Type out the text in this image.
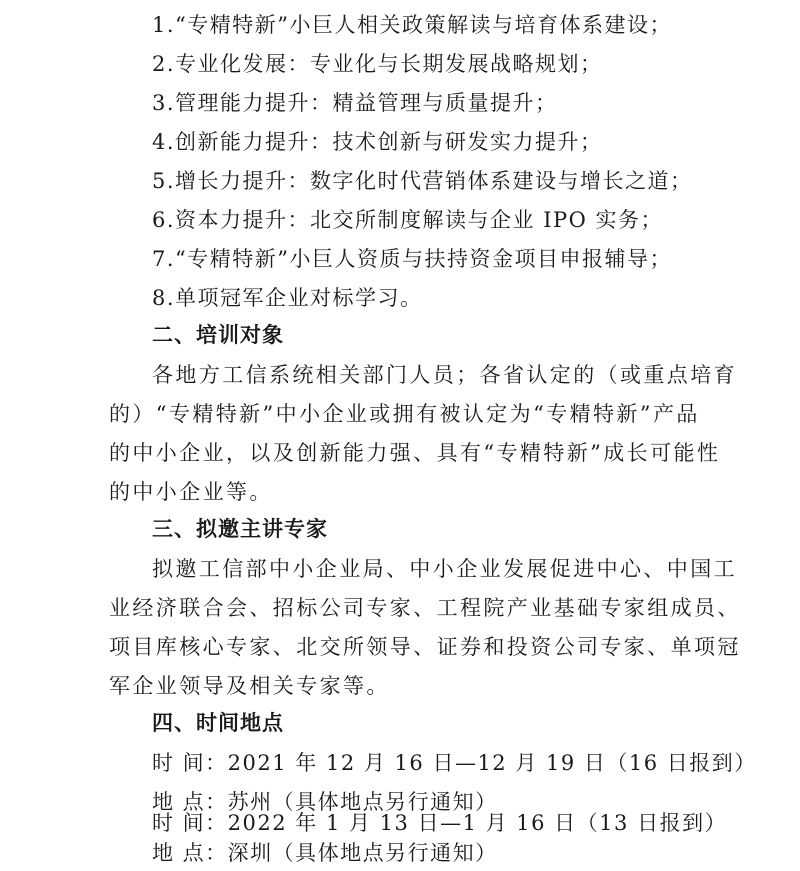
1.“专精特新”小巨人相关政策解读与培育体系建设；
2.专业化发展：专业化与长期发展战略规划；
3.管理能力提升：精益管理与质量提升；
4.创新能力提升：技术创新与研发实力提升；
5.增长力提升：数字化时代营销体系建设与增长之道；
6.资本力提升：北交所制度解读与企业 IPO 实务；
7.“专精特新”小巨人资质与扶持资金项目申报辅导；
8.单项冠军企业对标学习。
二、培训对象
各地方工信系统相关部门人员；各省认定的（或重点培育
的）“专精特新”中小企业或拥有被认定为“专精特新”产品
的中小企业，以及创新能力强、具有“专精特新”成长可能性
的中小企业等。
三、拟邀主讲专家
拟邀工信部中小企业局、中小企业发展促进中心、中国工
业经济联合会、招标公司专家、工程院产业基础专家组成员、
项目库核心专家、北交所领导、证券和投资公司专家、单项冠
军企业领导及相关专家等。
四、时间地点
时 间：2021 年 12 月 16 日—12 月 19 日（16 日报到）
地 点：苏州（具体地点另行通知）
时 间：2022 年 1 月 13 日—1 月 16 日（13 日报到）
地 点：深圳（具体地点另行通知）
